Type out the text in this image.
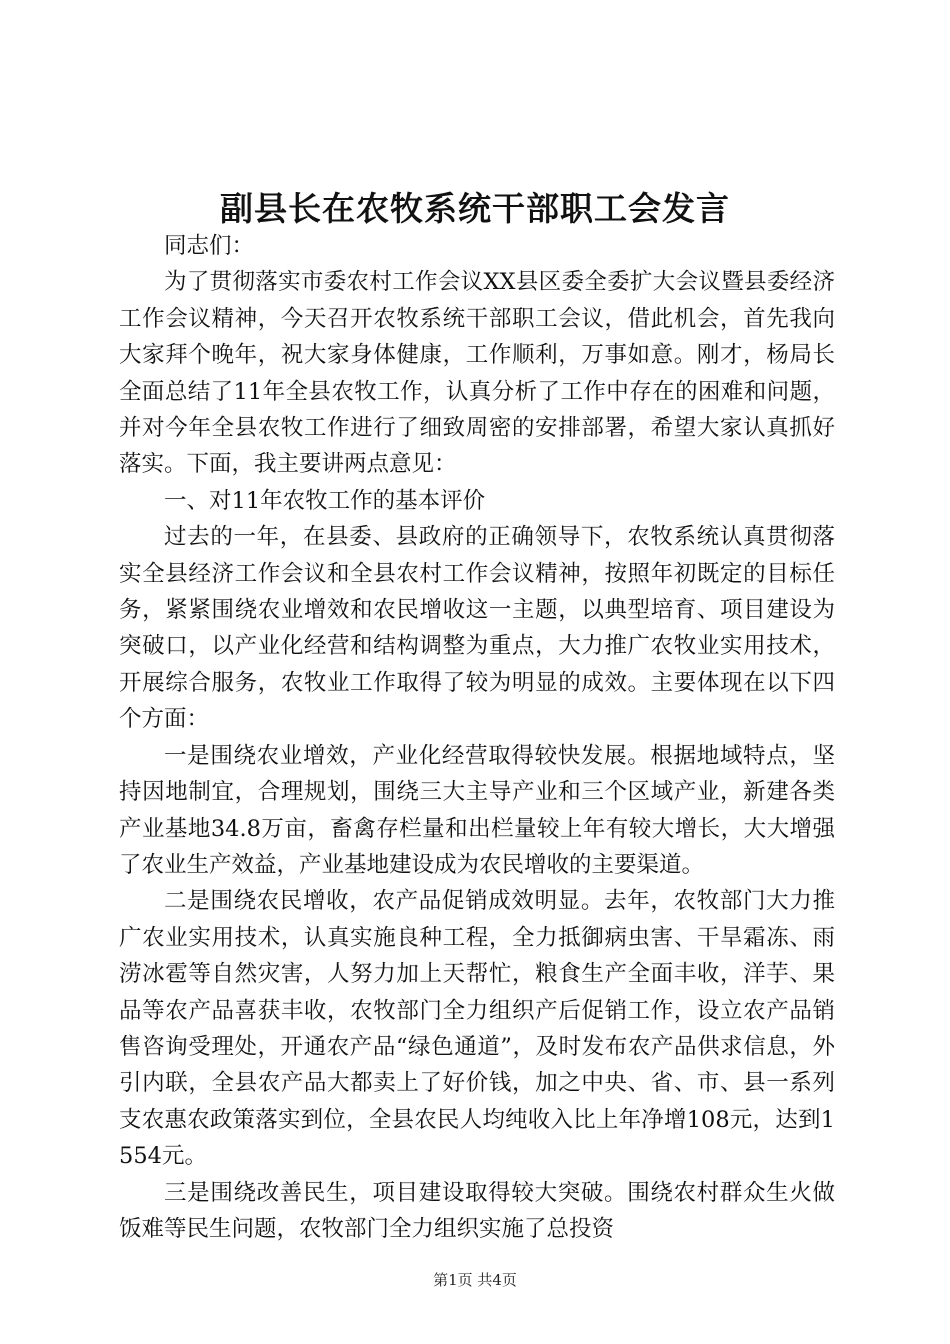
副县长在农牧系统干部职工会发言

同志们：

为了贯彻落实市委农村工作会议XX县区委全委扩大会议暨县委经济工作会议精神，今天召开农牧系统干部职工会议，借此机会，首先我向大家拜个晚年，祝大家身体健康，工作顺利，万事如意。刚才，杨局长全面总结了11年全县农牧工作，认真分析了工作中存在的困难和问题，并对今年全县农牧工作进行了细致周密的安排部署，希望大家认真抓好落实。下面，我主要讲两点意见：

一、对11年农牧工作的基本评价

过去的一年，在县委、县政府的正确领导下，农牧系统认真贯彻落实全县经济工作会议和全县农村工作会议精神，按照年初既定的目标任务，紧紧围绕农业增效和农民增收这一主题，以典型培育、项目建设为突破口，以产业化经营和结构调整为重点，大力推广农牧业实用技术，开展综合服务，农牧业工作取得了较为明显的成效。主要体现在以下四个方面：

一是围绕农业增效，产业化经营取得较快发展。根据地域特点，坚持因地制宜，合理规划，围绕三大主导产业和三个区域产业，新建各类产业基地34.8万亩，畜禽存栏量和出栏量较上年有较大增长，大大增强了农业生产效益，产业基地建设成为农民增收的主要渠道。

二是围绕农民增收，农产品促销成效明显。去年，农牧部门大力推广农业实用技术，认真实施良种工程，全力抵御病虫害、干旱霜冻、雨涝冰雹等自然灾害，人努力加上天帮忙，粮食生产全面丰收，洋芋、果品等农产品喜获丰收，农牧部门全力组织产后促销工作，设立农产品销售咨询受理处，开通农产品“绿色通道”，及时发布农产品供求信息，外引内联，全县农产品大都卖上了好价钱，加之中央、省、市、县一系列支农惠农政策落实到位，全县农民人均纯收入比上年净增108元，达到1554元。

三是围绕改善民生，项目建设取得较大突破。围绕农村群众生火做饭难等民生问题，农牧部门全力组织实施了总投资

第1页 共4页
